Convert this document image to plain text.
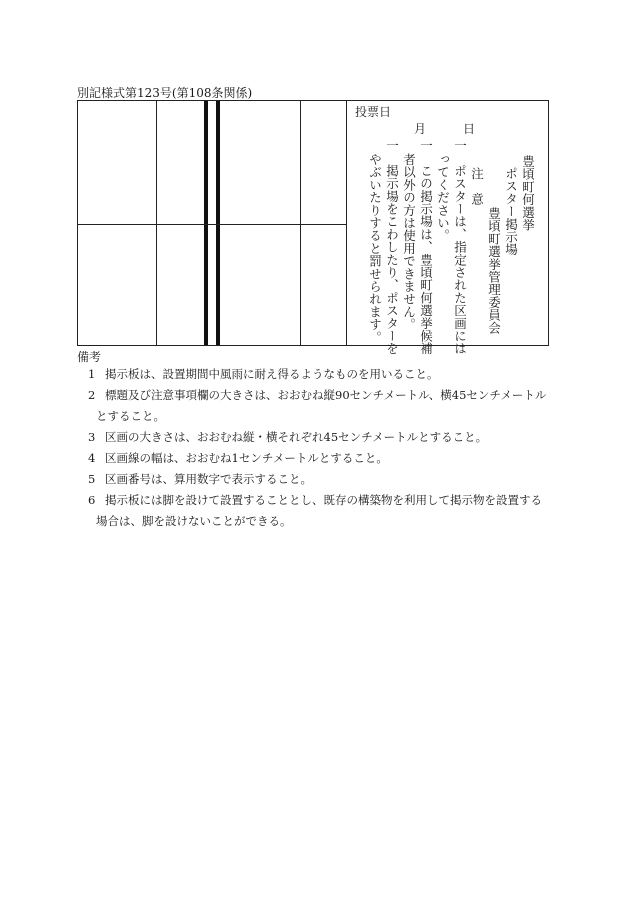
別記様式第123号(第108条関係)
投票日
月	日
豊頃町何選挙
ポスター掲示場
豊頃町選挙管理委員会
注　意
一　ポスターは、指定された区画には
ってください。
一　この掲示場は、豊頃町何選挙候補
者以外の方は使用できません。
一　掲示場をこわしたり、ポスターを
やぶいたりすると罰せられます。
備考
1 掲示板は、設置期間中風雨に耐え得るようなものを用いること。
2 標題及び注意事項欄の大きさは、おおむね縦90センチメートル、横45センチメートル
とすること。
3 区画の大きさは、おおむね縦・横それぞれ45センチメートルとすること。
4 区画線の幅は、おおむね1センチメートルとすること。
5 区画番号は、算用数字で表示すること。
6 掲示板には脚を設けて設置することとし、既存の構築物を利用して掲示物を設置する
場合は、脚を設けないことができる。
